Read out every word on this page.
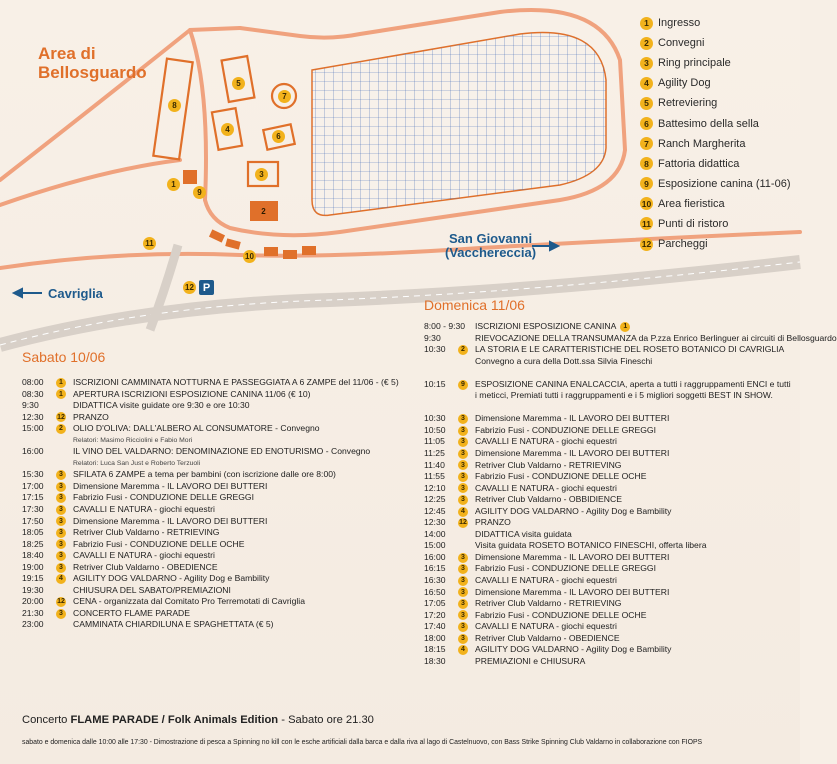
Area di
Bellosguardo
Cavriglia
San Giovanni
(Vacchereccia)
1
2
3
4
5
6
7
8
9
10
11
12 P
1 Ingresso
2 Convegni
3 Ring principale
4 Agility Dog
5 Retreviering
6 Battesimo della sella
7 Ranch Margherita
8 Fattoria didattica
9 Esposizione canina (11-06)
10 Area fieristica
11 Punti di ristoro
12 Parcheggi
Sabato 10/06
08:00	1	ISCRIZIONI CAMMINATA NOTTURNA E PASSEGGIATA A 6 ZAMPE del 11/06 - (€ 5)
08:30	1	APERTURA ISCRIZIONI ESPOSIZIONE CANINA 11/06 (€ 10)
9:30	DIDATTICA visite guidate ore 9:30 e ore 10:30
12:30	12 PRANZO
15:00	2	OLIO D'OLIVA: DALL'ALBERO AL CONSUMATORE - Convegno
Relatori: Masimo Ricciolini e Fabio Mori
16:00	IL VINO DEL VALDARNO: DENOMINAZIONE ED ENOTURISMO - Convegno
Relatori: Luca San Just e Roberto Terzuoli
15:30	3	SFILATA 6 ZAMPE a tema per bambini (con iscrizione dalle ore 8:00)
17:00	3	Dimensione Maremma - IL LAVORO DEI BUTTERI
17:15	3	Fabrizio Fusi - CONDUZIONE DELLE GREGGI
17:30	3	CAVALLI E NATURA - giochi equestri
17:50	3	Dimensione Maremma - IL LAVORO DEI BUTTERI
18:05	3	Retriver Club Valdarno - RETRIEVING
18:25	3	Fabrizio Fusi - CONDUZIONE DELLE OCHE
18:40	3	CAVALLI E NATURA - giochi equestri
19:00	3	Retriver Club Valdarno - OBEDIENCE
19:15	4	AGILITY DOG VALDARNO - Agility Dog e Bambility
19:30	CHIUSURA DEL SABATO/PREMIAZIONI
20:00	12 CENA - organizzata dal Comitato Pro Terremotati di Cavriglia
21:30	3	CONCERTO FLAME PARADE
23:00	CAMMINATA CHIARDILUNA E SPAGHETTATA (€ 5)
Domenica 11/06
8:00 - 9:30	ISCRIZIONI ESPOSIZIONE CANINA	1
9:30	RIEVOCAZIONE DELLA TRANSUMANZA da P.zza Enrico Berlinguer ai circuiti di Bellosguardo
10:30	2	LA STORIA E LE CARATTERISTICHE DEL ROSETO BOTANICO DI CAVRIGLIA
Convegno a cura della Dott.ssa Silvia Fineschi
10:15	9	ESPOSIZIONE CANINA ENALCACCIA, aperta a tutti i raggruppamenti ENCI e tutti
i meticci, Premiati tutti i raggruppamenti e i 5 migliori soggetti BEST IN SHOW.
10:30	3	Dimensione Maremma - IL LAVORO DEI BUTTERI
10:50	3	Fabrizio Fusi - CONDUZIONE DELLE GREGGI
11:05	3	CAVALLI E NATURA - giochi equestri
11:25	3	Dimensione Maremma - IL LAVORO DEI BUTTERI
11:40	3	Retriver Club Valdarno - RETRIEVING
11:55	3	Fabrizio Fusi - CONDUZIONE DELLE OCHE
12:10	3	CAVALLI E NATURA - giochi equestri
12:25	3	Retriver Club Valdarno - OBBIDIENCE
12:45	4	AGILITY DOG VALDARNO - Agility Dog e Bambility
12:30	12 PRANZO
14:00	DIDATTICA visita guidata
15:00	Visita guidata ROSETO BOTANICO FINESCHI, offerta libera
16:00	3	Dimensione Maremma - IL LAVORO DEI BUTTERI
16:15	3	Fabrizio Fusi - CONDUZIONE DELLE GREGGI
16:30	3	CAVALLI E NATURA - giochi equestri
16:50	3	Dimensione Maremma - IL LAVORO DEI BUTTERI
17:05	3	Retriver Club Valdarno - RETRIEVING
17:20	3	Fabrizio Fusi - CONDUZIONE DELLE OCHE
17:40	3	CAVALLI E NATURA - giochi equestri
18:00	3	Retriver Club Valdarno - OBEDIENCE
18:15	4	AGILITY DOG VALDARNO - Agility Dog e Bambility
18:30	PREMIAZIONI e CHIUSURA
Concerto FLAME PARADE / Folk Animals Edition - Sabato ore 21.30
sabato e domenica dalle 10:00 alle 17:30 - Dimostrazione di pesca a Spinning no kill con le esche artificiali dalla barca e dalla riva al lago di Castelnuovo, con Bass Strike Spinning Club Valdarno in collaborazione con FIOPS
